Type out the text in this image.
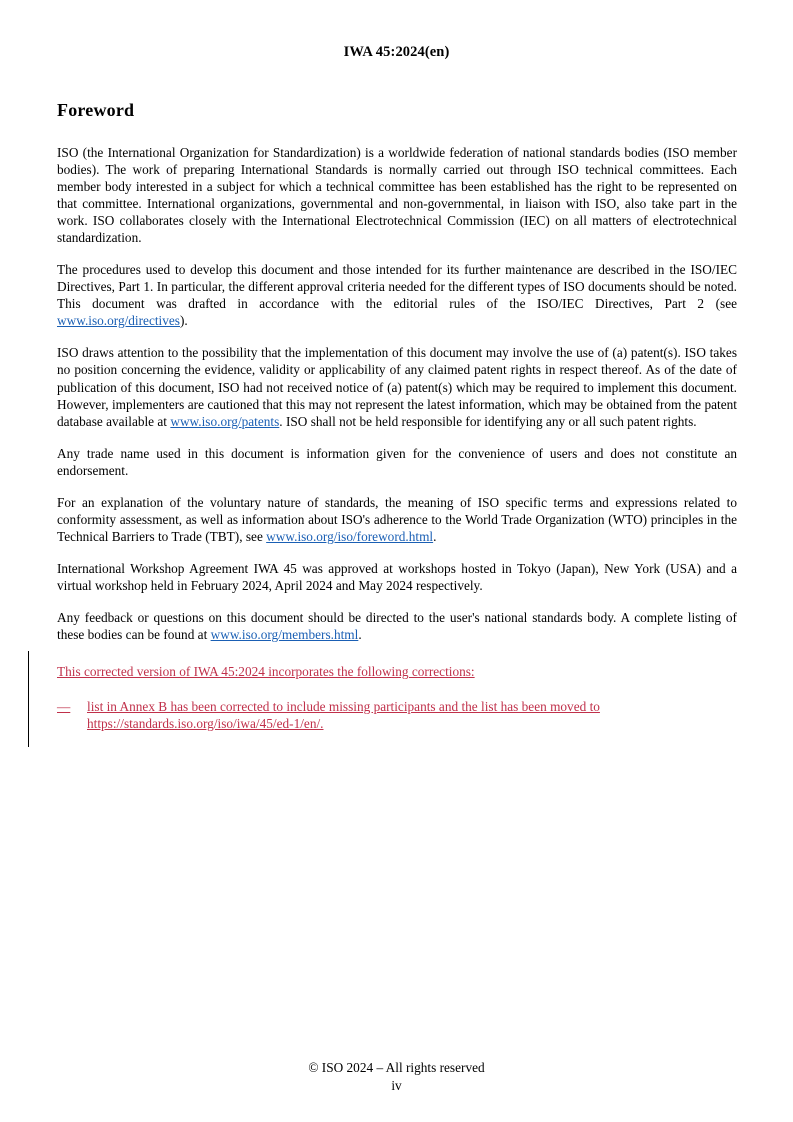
IWA 45:2024(en)
Foreword

ISO (the International Organization for Standardization) is a worldwide federation of national standards bodies (ISO member bodies). The work of preparing International Standards is normally carried out through ISO technical committees. Each member body interested in a subject for which a technical committee has been established has the right to be represented on that committee. International organizations, governmental and non-governmental, in liaison with ISO, also take part in the work. ISO collaborates closely with the International Electrotechnical Commission (IEC) on all matters of electrotechnical standardization.

The procedures used to develop this document and those intended for its further maintenance are described in the ISO/IEC Directives, Part 1. In particular, the different approval criteria needed for the different types of ISO documents should be noted. This document was drafted in accordance with the editorial rules of the ISO/IEC Directives, Part 2 (see www.iso.org/directives).

ISO draws attention to the possibility that the implementation of this document may involve the use of (a) patent(s). ISO takes no position concerning the evidence, validity or applicability of any claimed patent rights in respect thereof. As of the date of publication of this document, ISO had not received notice of (a) patent(s) which may be required to implement this document. However, implementers are cautioned that this may not represent the latest information, which may be obtained from the patent database available at www.iso.org/patents. ISO shall not be held responsible for identifying any or all such patent rights.

Any trade name used in this document is information given for the convenience of users and does not constitute an endorsement.

For an explanation of the voluntary nature of standards, the meaning of ISO specific terms and expressions related to conformity assessment, as well as information about ISO's adherence to the World Trade Organization (WTO) principles in the Technical Barriers to Trade (TBT), see www.iso.org/iso/foreword.html.

International Workshop Agreement IWA 45 was approved at workshops hosted in Tokyo (Japan), New York (USA) and a virtual workshop held in February 2024, April 2024 and May 2024 respectively.

Any feedback or questions on this document should be directed to the user's national standards body. A complete listing of these bodies can be found at www.iso.org/members.html.

This corrected version of IWA 45:2024 incorporates the following corrections:

—	list in Annex B has been corrected to include missing participants and the list has been moved to
https://standards.iso.org/iso/iwa/45/ed-1/en/.
© ISO 2024 – All rights reserved
iv
